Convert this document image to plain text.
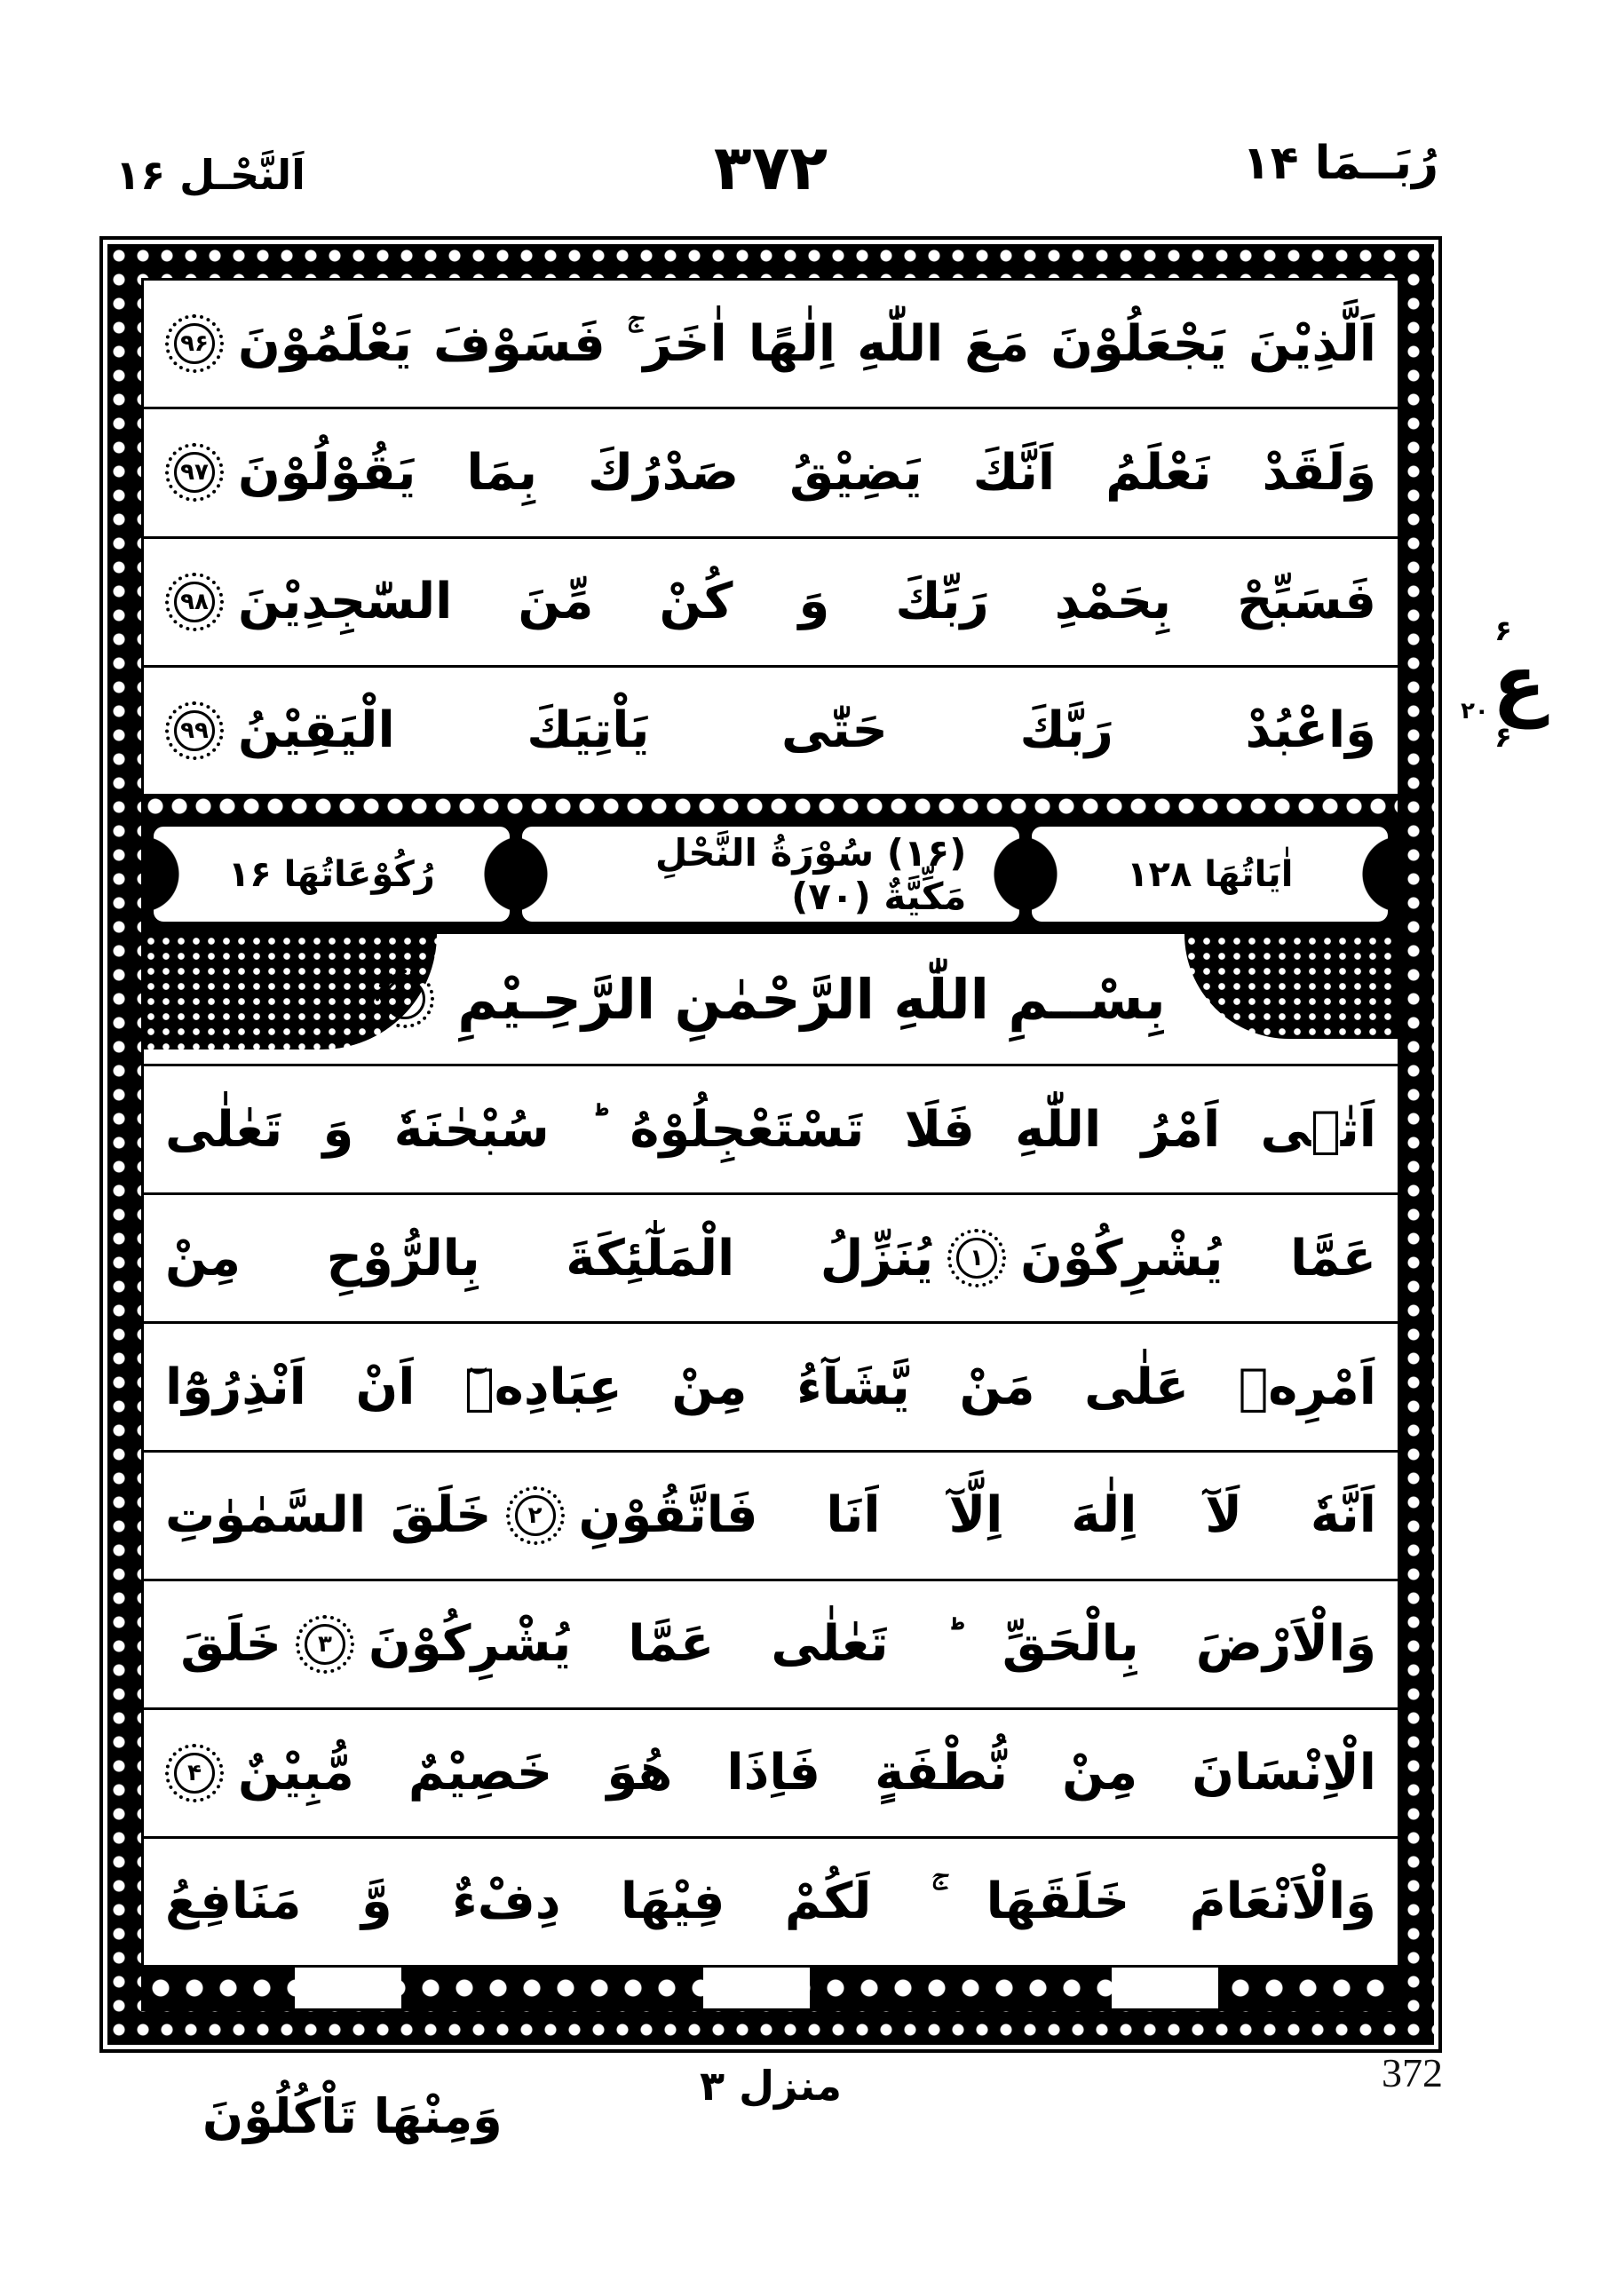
اَلنَّحْـل ۱۶	۳۷۲	رُبَــمَا ۱۴
اَلَّذِيْنَ يَجْعَلُوْنَ مَعَ اللّٰهِ اِلٰهًا اٰخَرَ ۚ فَسَوْفَ يَعْلَمُوْنَ
۹۶
وَلَقَدْ نَعْلَمُ اَنَّكَ يَضِيْقُ صَدْرُكَ بِمَا يَقُوْلُوْنَ
۹۷
فَسَبِّحْ بِحَمْدِ رَبِّكَ وَ كُنْ مِّنَ السّٰجِدِيْنَ
۹۸
وَاعْبُدْ رَبَّكَ حَتّٰى يَاْتِيَكَ الْيَقِيْنُ
۹۹
اٰيَاتُهَا ۱۲۸
(۱۶) سُوْرَةُ النَّحْلِ مَكِّيَّةٌ (۷۰)
رُكُوْعَاتُهَا ۱۶
بِسْــمِ اللّٰهِ الرَّحْمٰنِ الرَّحِـيْمِ
اَتٰۤى اَمْرُ اللّٰهِ فَلَا تَسْتَعْجِلُوْهُ ؕ سُبْحٰنَهٗ وَ تَعٰلٰى
عَمَّا يُشْرِكُوْنَ
۱
يُنَزِّلُ الْمَلٰٓئِكَةَ بِالرُّوْحِ مِنْ
اَمْرِهٖ عَلٰى مَنْ يَّشَآءُ مِنْ عِبَادِهٖٓ اَنْ اَنْذِرُوْٓا
اَنَّهٗ لَآ اِلٰهَ اِلَّآ اَنَا فَاتَّقُوْنِ
۲
خَلَقَ السَّمٰوٰتِ
وَالْاَرْضَ بِالْحَقِّ ؕ تَعٰلٰى عَمَّا يُشْرِكُوْنَ
۳
خَلَقَ
الْاِنْسَانَ مِنْ نُّطْفَةٍ فَاِذَا هُوَ خَصِيْمٌ مُّبِيْنٌ
۴
وَالْاَنْعَامَ خَلَقَهَا ۚ لَكُمْ فِيْهَا دِفْءٌ وَّ مَنَافِعُ
۶
ع
۲۰
۶
منزل ۳
وَمِنْهَا تَاْكُلُوْنَ
372
